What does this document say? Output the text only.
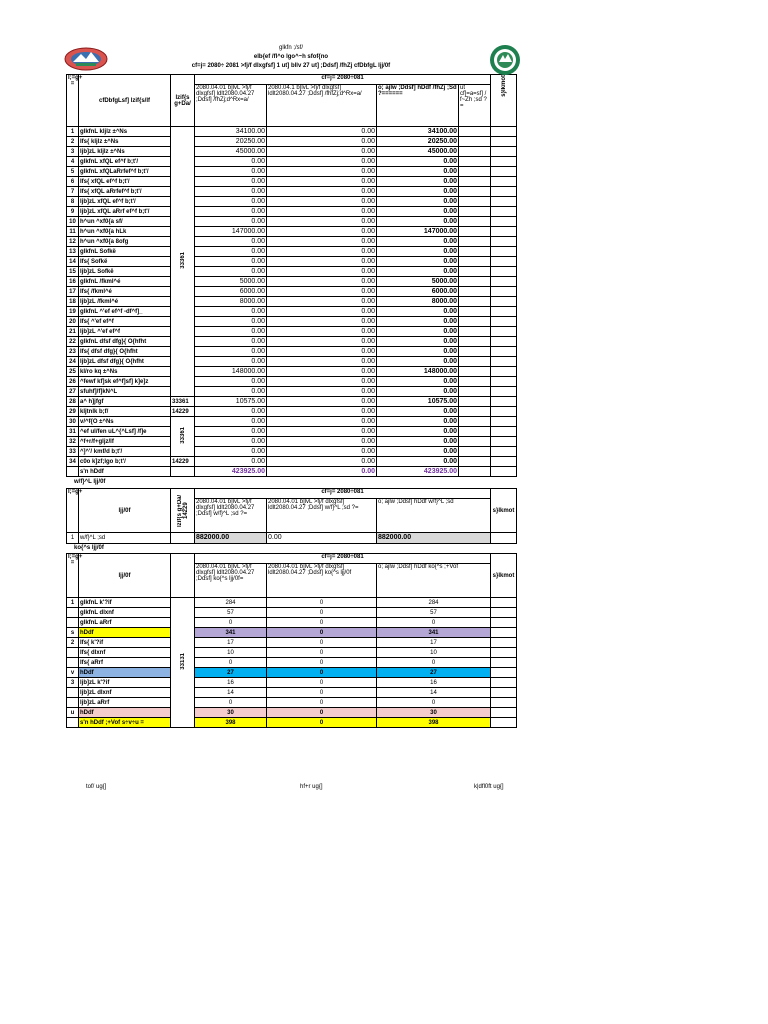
glkfn ;/sf/
elb{ef /fl^o lgo^~h sfof{no
cf=j= 2080÷ 2081 >fj/f dlxgfsf] 1 ut] bllv 27 ut] ;Ddsf] /fhZj cfDbfgL ljj/0f
l;=g+ =	cfDbfgLsf] lzif{s/lf	lzif{s g+Da/	cf=j= 2080÷081				s}lkmot
			2080.04.01 b]lvL >fj/f dlxgfsf] ldlt2080.04.27 ;Ddsf] /fhZj;d^Rx=a/	2080.04.1 b]lvL >fj/f dlxgfsf] ldlt2080.04.27 ;Ddsf] /fhfZj;d^Rx=a/	o; ajlw ;Ddsf] hDdf /fhZj ;Sd ?======	ut cf]=a=sf] / f~Zh ;sd ?=	
1	glkfnL kljlz ±^Ns	33361	34100.00	0.00	34100.00		
2	lfs{ kljlz ±^Ns		20250.00	0.00	20250.00		
3	ljb]zL kljlz ±^Ns		45000.00	0.00	45000.00		
4	glkfnL xfQL ef^f b;t'/		0.00	0.00	0.00		
5	glkfnL xfQLaRrfef^f b;t'/		0.00	0.00	0.00		
6	lfs{ xfQL ef^f b;t'/		0.00	0.00	0.00		
7	lfs{ xfQL aRrfef^f b;t'/		0.00	0.00	0.00		
8	ljb]zL xfQL ef^f b;t'/		0.00	0.00	0.00		
9	ljb]zL xfQL aRrf ef^f b;t'/		0.00	0.00	0.00		
10	h^un ^xf0{a sf/		0.00	0.00	0.00		
11	h^un ^xf0{a hLk		147000.00	0.00	147000.00		
12	h^un ^xf0{a 8ofg		0.00	0.00	0.00		
13	glkfnL Sofkë		0.00	0.00	0.00		
14	lfs{ Sofkë		0.00	0.00	0.00		
15	ljb]zL Sofkë		0.00	0.00	0.00		
16	glkfnL /fkml^é		5000.00	0.00	5000.00		
17	lfs{ /fkml^é		6000.00	0.00	6000.00		
18	ljb]zL /fkml^é		8000.00	0.00	8000.00		
19	glkfnL ^'ef ef^f -df^f]_		0.00	0.00	0.00		
20	lfs{ ^'ef ef^f		0.00	0.00	0.00		
21	ljb]zL ^'ef ef^f		0.00	0.00	0.00		
22	glkfnL dfsf dfg}{ O{hfht		0.00	0.00	0.00		
23	lfs{ dfsf dfg}{ O{hfht		0.00	0.00	0.00		
24	ljb]zL dfsf dfg}{ O{hfht		0.00	0.00	0.00		
25	kl/ro kq ±^Ns		148000.00	0.00	148000.00		
26	^fewf kf]sk ef^f]sf] k]e]z		0.00	0.00	0.00		
27	sfuhf]/f]kN^L		0.00	0.00	0.00		
28	a^ h]jfgf	33361	10575.00	0.00	10575.00		
29	kljtnlk b;f/	14229	0.00	0.00	0.00		
30	v/^f{O ±^Ns	33361	0.00	0.00	0.00		
31	^ef ul/fen uL^{^Lsf] /f]e		0.00	0.00	0.00		
32	^f+r/f+gljz/lf		0.00	0.00	0.00		
33	^]^'/ kmf/d b;t'/		0.00	0.00	0.00		
34	c0o k]zf;lgo b;t'/	14229	0.00	0.00	0.00		
	s'n hDdf		423925.00	0.00	423925.00		
w/f}^L ljj/0f
l;=g+	ljj/0f	lzif{s g+Da/ 14229	cf=j= 2080÷081			s}lkmot
			2080.04.01 b]lvL >fj/f dlxgfsf] ldlt2080.04.27 ;Ddsf] w/f}^L ;sd ?=	2080.04.01 b]lvL >fj/f dlxgfsf] ldlt2080.04.27 ;Ddsf] w/f}^L ;sd ?=	o; ajlw ;Ddsf] hDdf w/f}^L ;sd	
1	w/f}^L ;sd		882000.00	0.00	882000.00	
ko{^s ljj/0f
l;=g+ =	ljj/0f		cf=j= 2080÷081			s}lkmot
			2080.04.01 b]lvL >fj/f dlxgfsf] ldlt2080.04.27 ;Ddsf] ko{^s ljj/0f=	2080.04.01 b]lvL >fj/f dlxgfsf] ldlt2080.04.27 ;Ddsf] ko{^s ljj/0f	o; ajlw ;Ddsf] hDdf ko{^s ;+Vof	
1	glkfnL k'?if	33131	284	0	284	
	glkfnL dlxnf		57	0	57	
	glkfnL aRrf		0	0	0	
s	hDdf		341	0	341	
2	lfs{ k'?if		17	0	17	
	lfs{ dlxnf		10	0	10	
	lfs{ aRrf		0	0	0	
v	hDdf		27	0	27	
3	ljb]zL k'?if		16	0	16	
	ljb]zL dlxnf		14	0	14	
	ljb]zL aRrf		0	0	0	
u	hDdf		30	0	30	
	s'n hDdf ;+Vof s÷v÷u =		398	0	398	
tof/ ug{]	hf+r ug{]	k|dfl0ft ug{]
